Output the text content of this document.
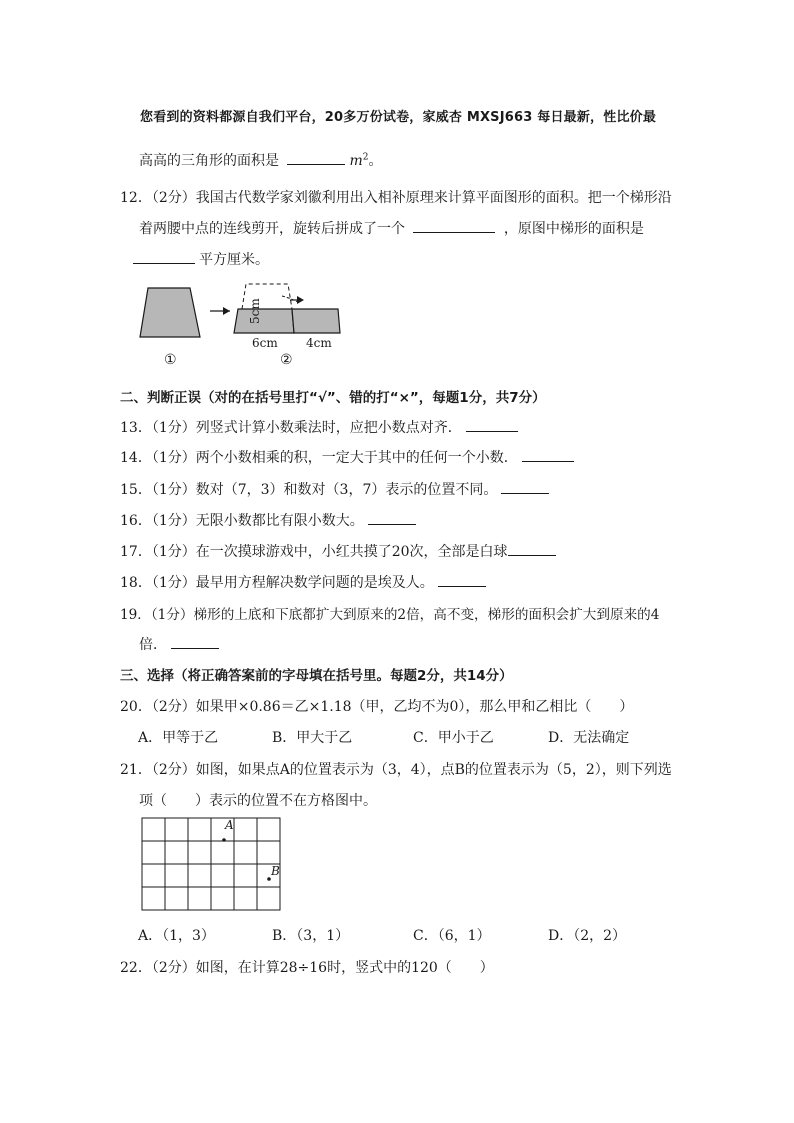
您看到的资料都源自我们平台，20多万份试卷，家威杏 MXSJ663 每日最新，性比价最
高高的三角形的面积是	$m^2$。
12．（2分）我国古代数学家刘徽利用出入相补原理来计算平面图形的面积。把一个梯形沿
着两腰中点的连线剪开，旋转后拼成了一个	，原图中梯形的面积是
平方厘米。
5cm
6cm 4cm
①	②
二、判断正误（对的在括号里打“√”、错的打“×”，每题1分，共7分）
13．（1分）列竖式计算小数乘法时，应把小数点对齐．
14．（1分）两个小数相乘的积，一定大于其中的任何一个小数．
15．（1分）数对（7，3）和数对（3，7）表示的位置不同。
16．（1分）无限小数都比有限小数大。
17．（1分）在一次摸球游戏中，小红共摸了20次，全部是白球
18．（1分）最早用方程解决数学问题的是埃及人。
19．（1分）梯形的上底和下底都扩大到原来的2倍，高不变，梯形的面积会扩大到原来的4
倍．
三、选择（将正确答案前的字母填在括号里。每题2分，共14分）
20．（2分）如果甲×0.86＝乙×1.18（甲，乙均不为0），那么甲和乙相比（　　）
A．甲等于乙	B．甲大于乙	C．甲小于乙	D．无法确定
21．（2分）如图，如果点A的位置表示为（3，4），点B的位置表示为（5，2），则下列选
项（　　）表示的位置不在方格图中。
A
B
A．（1，3）	B．（3，1）	C．（6，1）	D．（2，2）
22．（2分）如图，在计算28÷16时，竖式中的120（　　）
